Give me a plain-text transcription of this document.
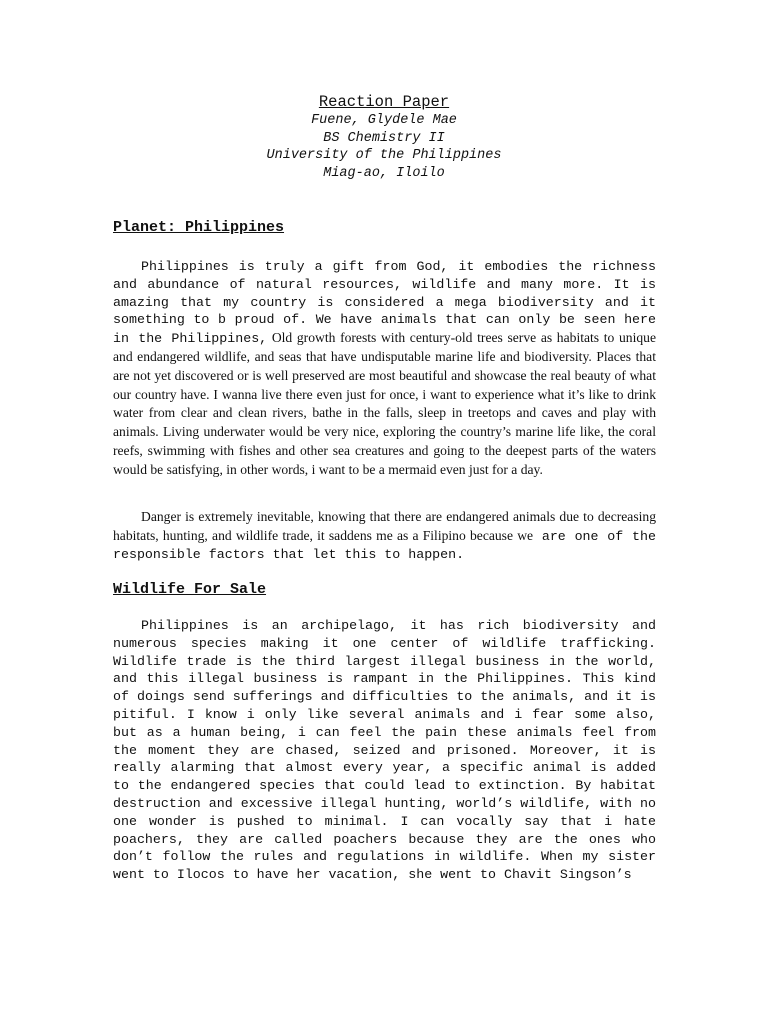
Reaction Paper
Fuene, Glydele Mae
BS Chemistry II
University of the Philippines
Miag-ao, Iloilo
Planet: Philippines

Philippines is truly a gift from God, it embodies the richness and abundance of natural resources, wildlife and many more. It is amazing that my country is considered a mega biodiversity and it something to b proud of. We have animals that can only be seen here in the Philippines, Old growth forests with century-old trees serve as habitats to unique and endangered wildlife, and seas that have undisputable marine life and biodiversity. Places that are not yet discovered or is well preserved are most beautiful and showcase the real beauty of what our country have. I wanna live there even just for once, i want to experience what it’s like to drink water from clear and clean rivers, bathe in the falls, sleep in treetops and caves and play with animals. Living underwater would be very nice, exploring the country’s marine life like, the coral reefs, swimming with fishes and other sea creatures and going to the deepest parts of the waters would be satisfying, in other words, i want to be a mermaid even just for a day.

Danger is extremely inevitable, knowing that there are endangered animals due to decreasing habitats, hunting, and wildlife trade, it saddens me as a Filipino because we are one of the responsible factors that let this to happen.

Wildlife For Sale

Philippines is an archipelago, it has rich biodiversity and numerous species making it one center of wildlife trafficking. Wildlife trade is the third largest illegal business in the world, and this illegal business is rampant in the Philippines. This kind of doings send sufferings and difficulties to the animals, and it is pitiful. I know i only like several animals and i fear some also, but as a human being, i can feel the pain these animals feel from the moment they are chased, seized and prisoned. Moreover, it is really alarming that almost every year, a specific animal is added to the endangered species that could lead to extinction. By habitat destruction and excessive illegal hunting, world’s wildlife, with no one wonder is pushed to minimal. I can vocally say that i hate poachers, they are called poachers because they are the ones who don’t follow the rules and regulations in wildlife. When my sister went to Ilocos to have her vacation, she went to Chavit Singson’s
